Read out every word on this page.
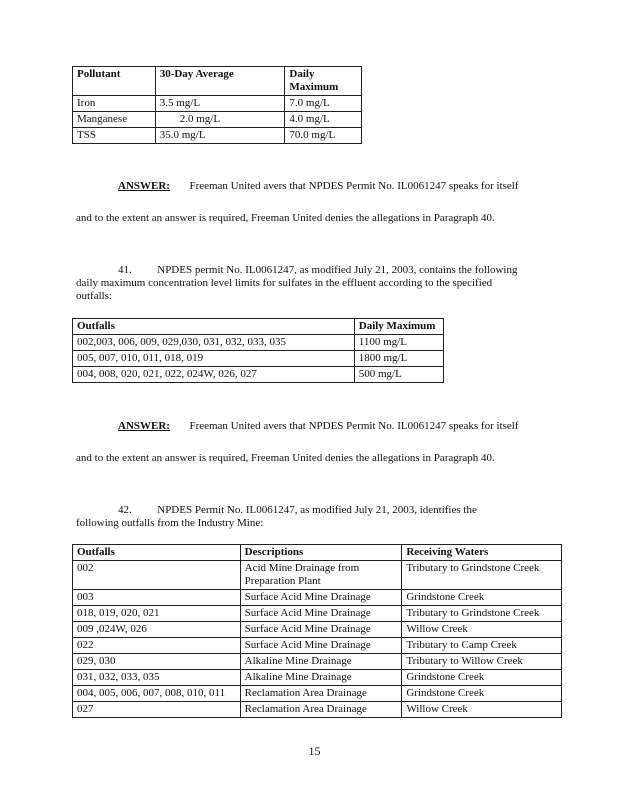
Pollutant	30-Day Average	Daily Maximum
Iron	3.5 mg/L	7.0 mg/L
Manganese	2.0 mg/L	4.0 mg/L
TSS	35.0 mg/L	70.0 mg/L
ANSWER: Freeman United avers that NPDES Permit No. IL0061247 speaks for itself
and to the extent an answer is required, Freeman United denies the allegations in Paragraph 40.
41. NPDES permit No. IL0061247, as modified July 21, 2003, contains the following
daily maximum concentration level limits for sulfates in the effluent according to the specified
outfalls:
Outfalls	Daily Maximum
002,003, 006, 009, 029,030, 031, 032, 033, 035	1100 mg/L
005, 007, 010, 011, 018, 019	1800 mg/L
004, 008, 020, 021, 022, 024W, 026, 027	500 mg/L
ANSWER: Freeman United avers that NPDES Permit No. IL0061247 speaks for itself
and to the extent an answer is required, Freeman United denies the allegations in Paragraph 40.
42. NPDES Permit No. IL0061247, as modified July 21, 2003, identifies the
following outfalls from the Industry Mine:
Outfalls	Descriptions	Receiving Waters
002	Acid Mine Drainage from Preparation Plant	Tributary to Grindstone Creek
003	Surface Acid Mine Drainage	Grindstone Creek
018, 019, 020, 021	Surface Acid Mine Drainage	Tributary to Grindstone Creek
009 ,024W, 026	Surface Acid Mine Drainage	Willow Creek
022	Surface Acid Mine Drainage	Tributary to Camp Creek
029, 030	Alkaline Mine Drainage	Tributary to Willow Creek
031, 032, 033, 035	Alkaline Mine Drainage	Grindstone Creek
004, 005, 006, 007, 008, 010, 011	Reclamation Area Drainage	Grindstone Creek
027	Reclamation Area Drainage	Willow Creek
15
